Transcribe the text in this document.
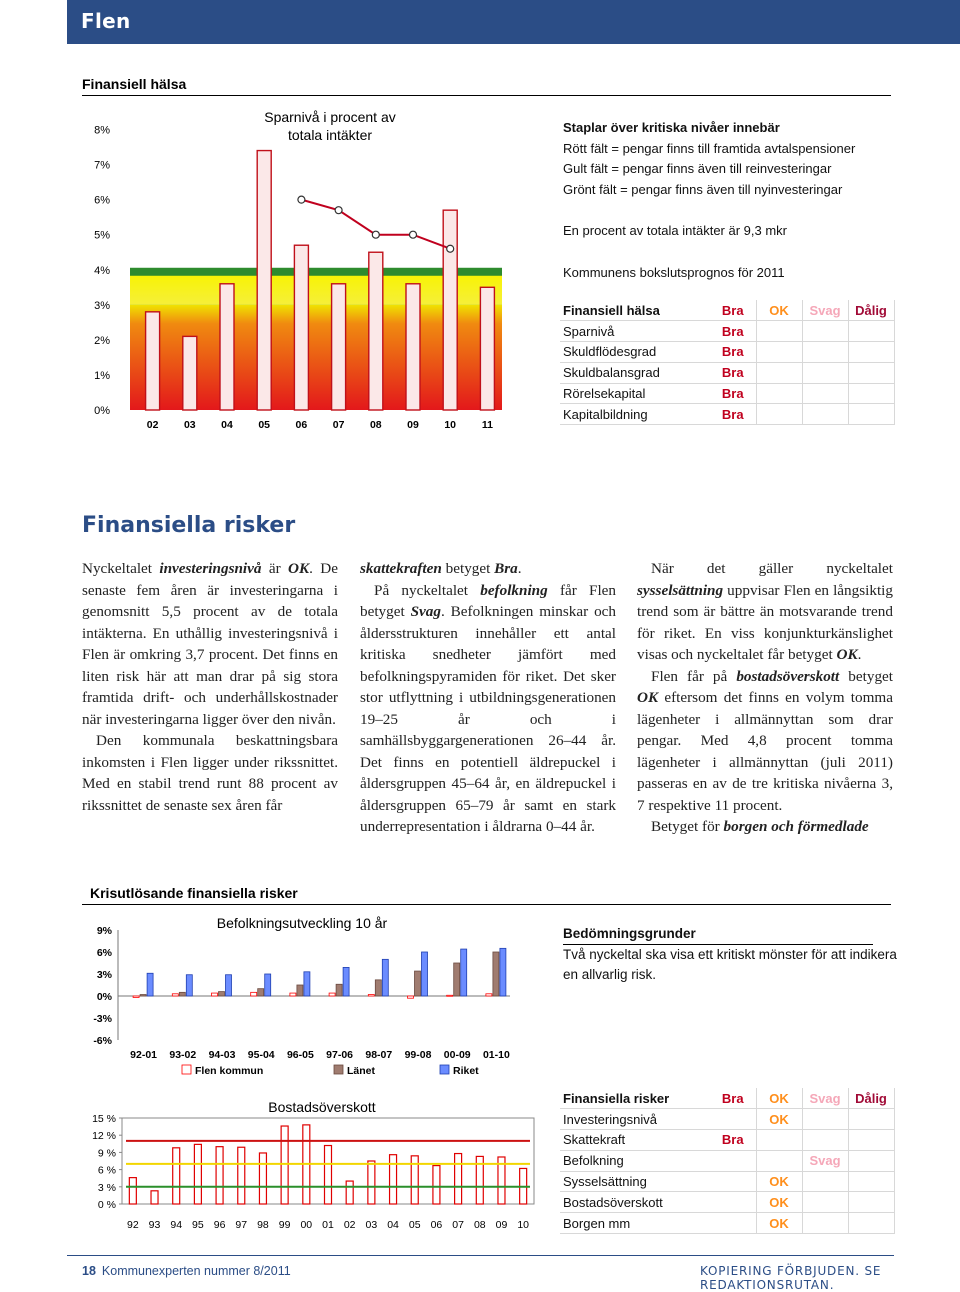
Flen
Finansiell hälsa
0%
1%
2%
3%
4%
5%
6%
7%
8%
Sparnivå i procent av
totala intäkter
02 03 04 05 06 07 08 09 10 11
Staplar över kritiska nivåer innebär
Rött fält = pengar finns till framtida avtalspensioner
Gult fält = pengar finns även till reinvesteringar
Grönt fält = pengar finns även till nyinvesteringar
En procent av totala intäkter är 9,3 mkr
Kommunens bokslutsprognos för 2011
Finansiell hälsa	Bra	OK	Svag	Dålig
Sparnivå	Bra			
Skuldflödesgrad	Bra			
Skuldbalansgrad	Bra			
Rörelsekapital	Bra			
Kapitalbildning	Bra			
Finansiella risker

Nyckeltalet investeringsnivå är OK. De senaste fem åren är investeringarna i genomsnitt 5,5 procent av de totala intäkterna. En uthållig investeringsnivå i Flen är omkring 3,7 procent. Det finns en liten risk här att man drar på sig stora framtida drift- och underhållskostnader när investeringarna ligger över den nivån.

Den kommunala beskattningsbara inkomsten i Flen ligger under rikssnittet. Med en stabil trend runt 88 procent av rikssnittet de senaste sex åren får

skattekraften betyget Bra.

På nyckeltalet befolkning får Flen betyget Svag. Befolkningen minskar och åldersstrukturen innehåller ett antal kritiska snedheter jämfört med befolkningspyramiden för riket. Det sker stor utflyttning i utbildningsgenerationen 19–25 år och i samhällsbyggargenerationen 26–44 år. Det finns en potentiell äldrepuckel i åldersgruppen 45–64 år, en äldrepuckel i åldersgruppen 65–79 år samt en stark underrepresentation i åldrarna 0–44 år.

När det gäller nyckeltalet sysselsättning uppvisar Flen en långsiktig trend som är bättre än motsvarande trend för riket. En viss konjunkturkänslighet visas och nyckeltalet får betyget OK.

Flen får på bostadsöverskott betyget OK eftersom det finns en volym tomma lägenheter i allmännyttan som drar pengar. Med 4,8 procent tomma lägenheter i allmännyttan (juli 2011) passeras en av de tre kritiska nivåerna 3, 7 respektive 11 procent.

Betyget för borgen och förmedlade

Krisutlösande finansiella risker
-6%
-3%
0%
3%
6%
9%	Befolkningsutveckling 10 år
92-01 93-02 94-03 95-04 96-05 97-06 98-07 99-08 00-09 01-10
Flen kommun	Länet	Riket
0 %
3 %
6 %
9 %
12 %
15 %
Bostadsöverskott
92 93 94 95 96 97 98 99 00 01 02 03 04 05 06 07 08 09 10
Bedömningsgrunder
Två nyckeltal ska visa ett kritiskt mönster för att indikera en allvarlig risk.
Finansiella risker	Bra	OK	Svag	Dålig
Investeringsnivå		OK		
Skattekraft	Bra			
Befolkning			Svag	
Sysselsättning		OK		
Bostadsöverskott		OK		
Borgen mm		OK		
18 Kommunexperten nummer 8/2011	KOPIERING FÖRBJUDEN. SE REDAKTIONSRUTAN.
